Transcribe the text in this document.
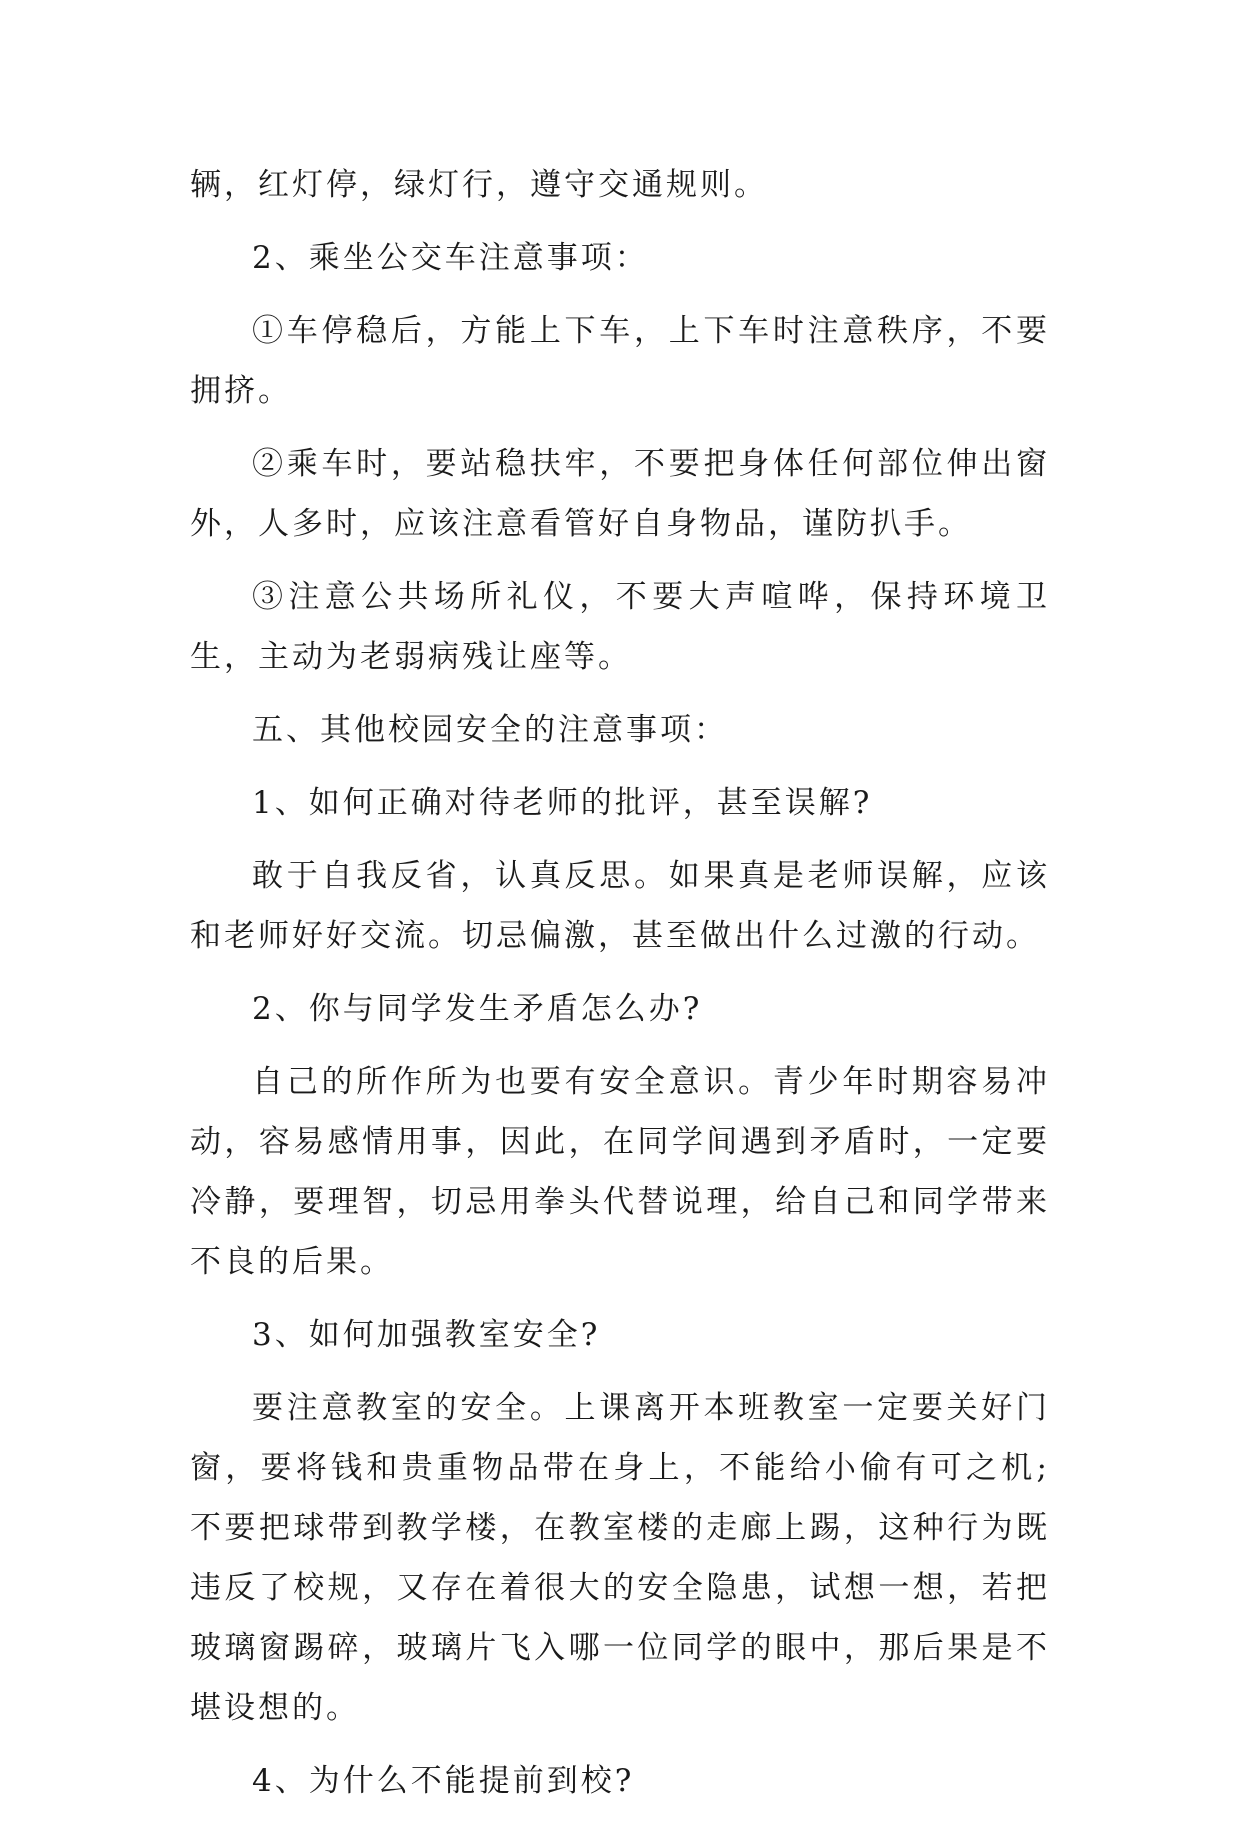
辆，红灯停，绿灯行，遵守交通规则。

2、乘坐公交车注意事项：

①车停稳后，方能上下车，上下车时注意秩序，不要拥挤。

②乘车时，要站稳扶牢，不要把身体任何部位伸出窗外，人多时，应该注意看管好自身物品，谨防扒手。

③注意公共场所礼仪，不要大声喧哗，保持环境卫生，主动为老弱病残让座等。

五、其他校园安全的注意事项：

1、如何正确对待老师的批评，甚至误解?

敢于自我反省，认真反思。如果真是老师误解，应该和老师好好交流。切忌偏激，甚至做出什么过激的行动。

2、你与同学发生矛盾怎么办?

自己的所作所为也要有安全意识。青少年时期容易冲动，容易感情用事，因此，在同学间遇到矛盾时，一定要冷静，要理智，切忌用拳头代替说理，给自己和同学带来不良的后果。

3、如何加强教室安全?

要注意教室的安全。上课离开本班教室一定要关好门窗，要将钱和贵重物品带在身上，不能给小偷有可之机;不要把球带到教学楼，在教室楼的走廊上踢，这种行为既违反了校规，又存在着很大的安全隐患，试想一想，若把玻璃窗踢碎，玻璃片飞入哪一位同学的眼中，那后果是不堪设想的。

4、为什么不能提前到校?
